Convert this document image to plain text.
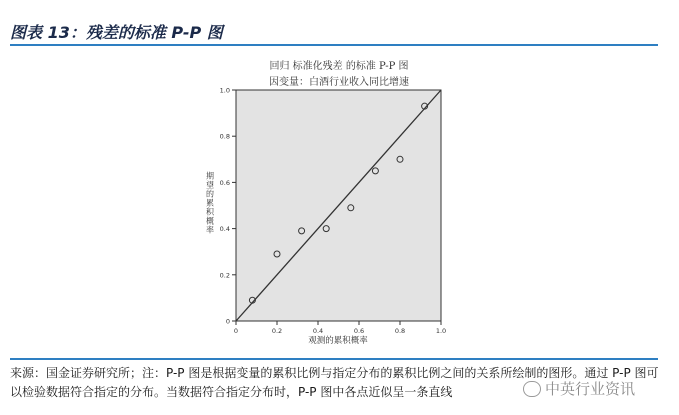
图表 13：残差的标准 P-P 图
回归 标准化残差 的标准 P-P 图
因变量：白酒行业收入同比增速
0	0.2	0.4	0.6	0.8	1.0
0
0.2
0.4
0.6
0.8
1.0
观测的累积概率
期
望
的
累
积
概
率
来源：国金证券研究所；注：P-P 图是根据变量的累积比例与指定分布的累积比例之间的关系所绘制的图形。通过 P-P 图可以检验数据符合指定的分布。当数据符合指定分布时，P-P 图中各点近似呈一条直线	中英行业资讯
